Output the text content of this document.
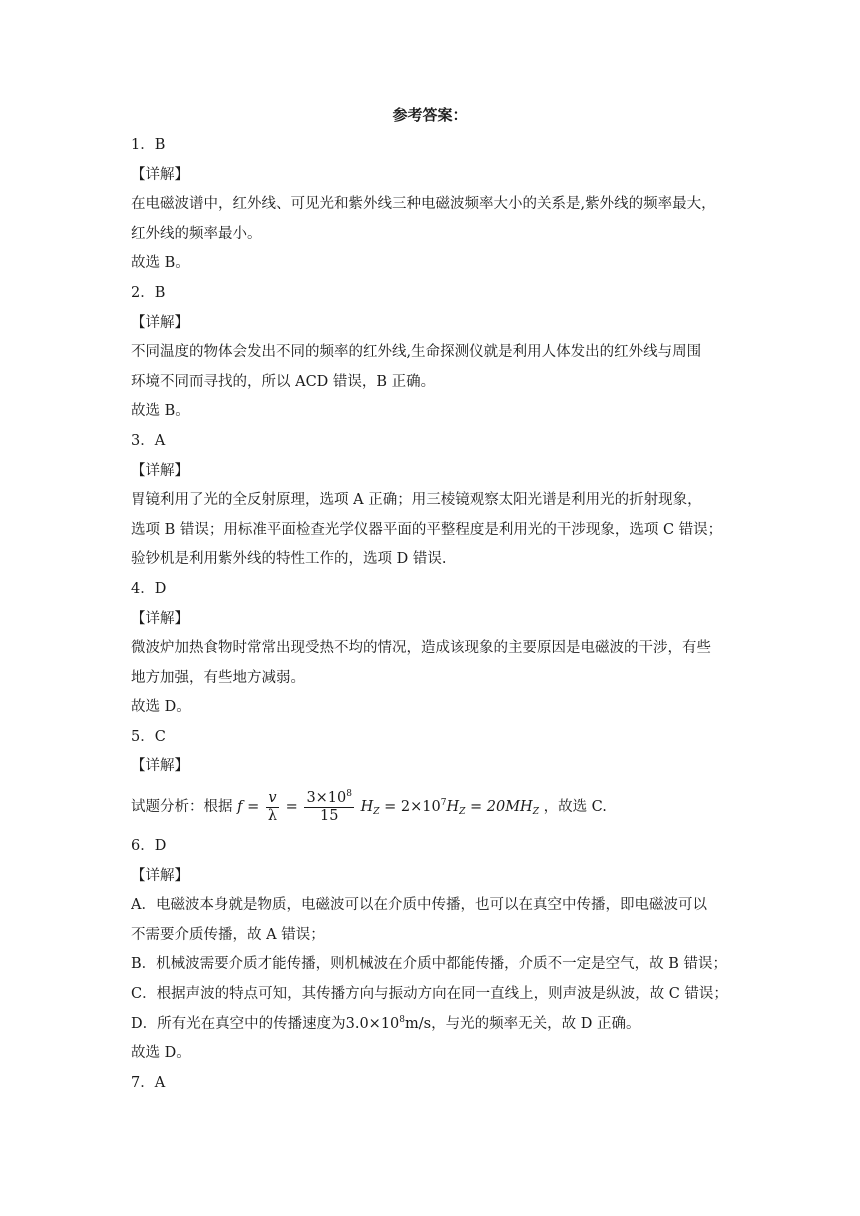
参考答案：
1．B
【详解】
在电磁波谱中，红外线、可见光和紫外线三种电磁波频率大小的关系是,紫外线的频率最大，
红外线的频率最小。
故选 B。
2．B
【详解】
不同温度的物体会发出不同的频率的红外线,生命探测仪就是利用人体发出的红外线与周围
环境不同而寻找的，所以 ACD 错误，B 正确。
故选 B。
3．A
【详解】
胃镜利用了光的全反射原理，选项 A 正确；用三棱镜观察太阳光谱是利用光的折射现象，
选项 B 错误；用标准平面检查光学仪器平面的平整程度是利用光的干涉现象，选项 C 错误；
验钞机是利用紫外线的特性工作的，选项 D 错误.
4．D
【详解】
微波炉加热食物时常常出现受热不均的情况，造成该现象的主要原因是电磁波的干涉，有些
地方加强，有些地方减弱。
故选 D。
5．C
【详解】
试题分析：根据 $f = \frac{v}{\lambda} = \frac{3\times 10^8}{15} H_Z = 2\times 10^7H_Z = 20MH_Z$ ，故选 C.
6．D
【详解】
A．电磁波本身就是物质，电磁波可以在介质中传播，也可以在真空中传播，即电磁波可以
不需要介质传播，故 A 错误；
B．机械波需要介质才能传播，则机械波在介质中都能传播，介质不一定是空气，故 B 错误；
C．根据声波的特点可知，其传播方向与振动方向在同一直线上，则声波是纵波，故 C 错误；
D．所有光在真空中的传播速度为$3.0\times 10^8m/s$，与光的频率无关，故 D 正确。
故选 D。
7．A
